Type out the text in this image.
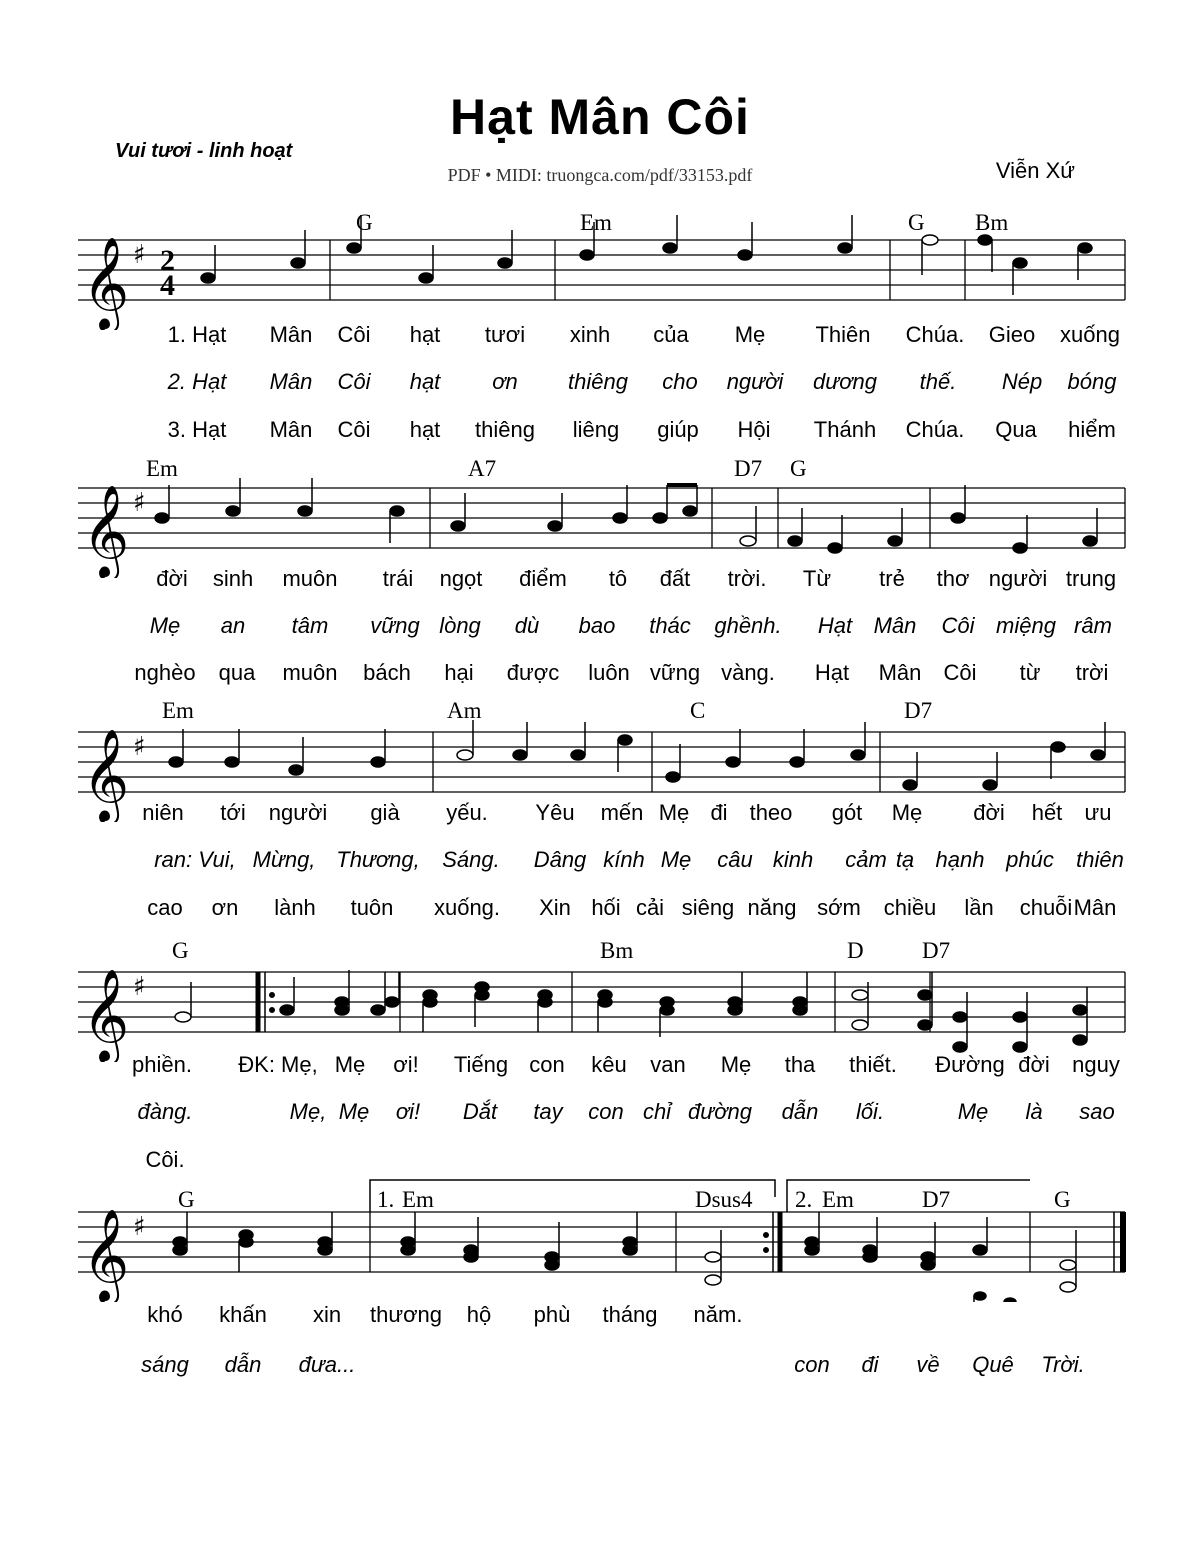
Hạt Mân Côi
Vui tươi - linh hoạt
PDF • MIDI: truongca.com/pdf/33153.pdf	Viễn Xứ
𝄞 ♯ 2
4
G	Em	G Bm
1. Hạt Mân Côi hạt tươi xinh của Mẹ Thiên Chúa. Gieo xuống
2. Hạt Mân Côi hạt ơn thiêng cho người dương thế. Nép bóng
3. Hạt Mân Côi hạt thiêng liêng giúp Hội Thánh Chúa. Qua hiểm
𝄞 ♯
Em	A7	D7 G
đời sinh muôn trái ngọt điểm tô đất trời. Từ trẻ thơ người trung
Mẹ an tâm vững lòng dù bao thác ghềnh. Hạt Mân Côi miệng râm
nghèo qua muôn bách hại được luôn vững vàng. Hạt Mân Côi từ trời
𝄞 ♯
Em	Am	C	D7
niên tới người già yếu. Yêu mến Mẹ đi theo gót Mẹ đời hết ưu
ran: Vui, Mừng, Thương, Sáng. Dâng kính Mẹ câu kinh cảm tạ hạnh phúc thiên
cao ơn lành tuôn xuống. Xin hối cải siêng năng sớm chiều lần chuỗi Mân
𝄞 ♯
G	Bm	D	D7
phiền. ĐK: Mẹ, Mẹ ơi! Tiếng con kêu van Mẹ tha thiết. Đường đời nguy
đàng.	Mẹ, Mẹ ơi! Dắt tay con chỉ đường dẫn lối.	Mẹ là sao
Côi.
𝄞 ♯
1.	2.
G	Em	Dsus4	Em	D7	G
khó khấn xin thương hộ phù tháng năm.
sáng dẫn đưa...	con đi về Quê Trời.
